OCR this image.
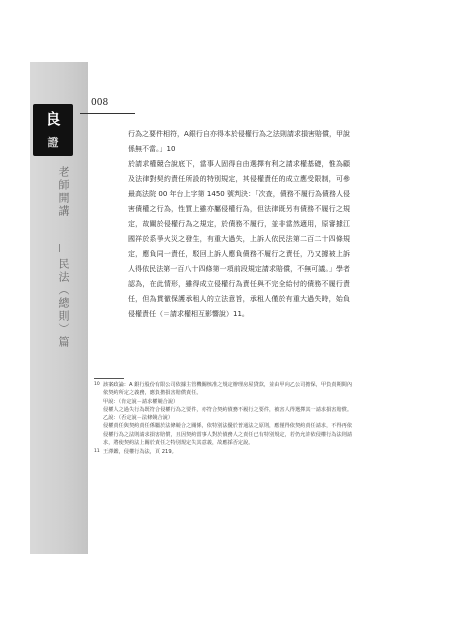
良
證
008
老師開講
民法（總則）篇

行為之要件相符，A銀行自亦得本於侵權行為之法則請求損害賠償，甲說係無不當。」10

於請求權競合說底下，當事人固得自由選擇有利之請求權基礎，惟為顧及法律對契約責任所設的特別規定，其侵權責任的成立應受限制，可參最高法院 00 年台上字第 1450 號判決：「次查，債務不履行為債務人侵害債權之行為，性質上雖亦屬侵權行為，但法律既另有債務不履行之規定，故關於侵權行為之規定，於債務不履行，並非當然適用，原審據江國祥於系爭火災之發生，有重大過失，上訴人依民法第二百二十四條規定，應負同一責任，駁回上訴人應負債務不履行之責任，乃又據被上訴人得依民法第一百八十四條第一項前段規定請求賠償，不無可議。」學者認為，在此情形，雖得成立侵權行為責任與不完全給付的債務不履行責任，但為貫徹保護承租人的立法意旨，承租人僅於有重大過失時，始負侵權責任（＝請求權相互影響說）11。

10 該案政論：A 銀行股份有限公司依據主管機關核准之規定辦理房屋貸款，並由甲向乙公司擔保，甲負責期間內依契約所定之義務，應負擔損害賠償責任。
甲說：（肯定說－請求權競合說）
侵權人之過失行為既符合侵權行為之要件，亦符合契約債務不履行之要件，被害人得選擇其一請求損害賠償。
乙說：（否定說－法條競合說）
侵權責任與契約責任係屬於法條競合之關係，依特別法優於普通法之原則，應僅得依契約責任請求，不得再依侵權行為之法則請求損害賠償，且因契約當事人對於債務人之責任已有特別規定，若仍允許依侵權行為法則請求，將使契約法上關於責任之特別規定失其意義，故應採否定說。
11 王澤鑑，侵權行為法，頁 219。
